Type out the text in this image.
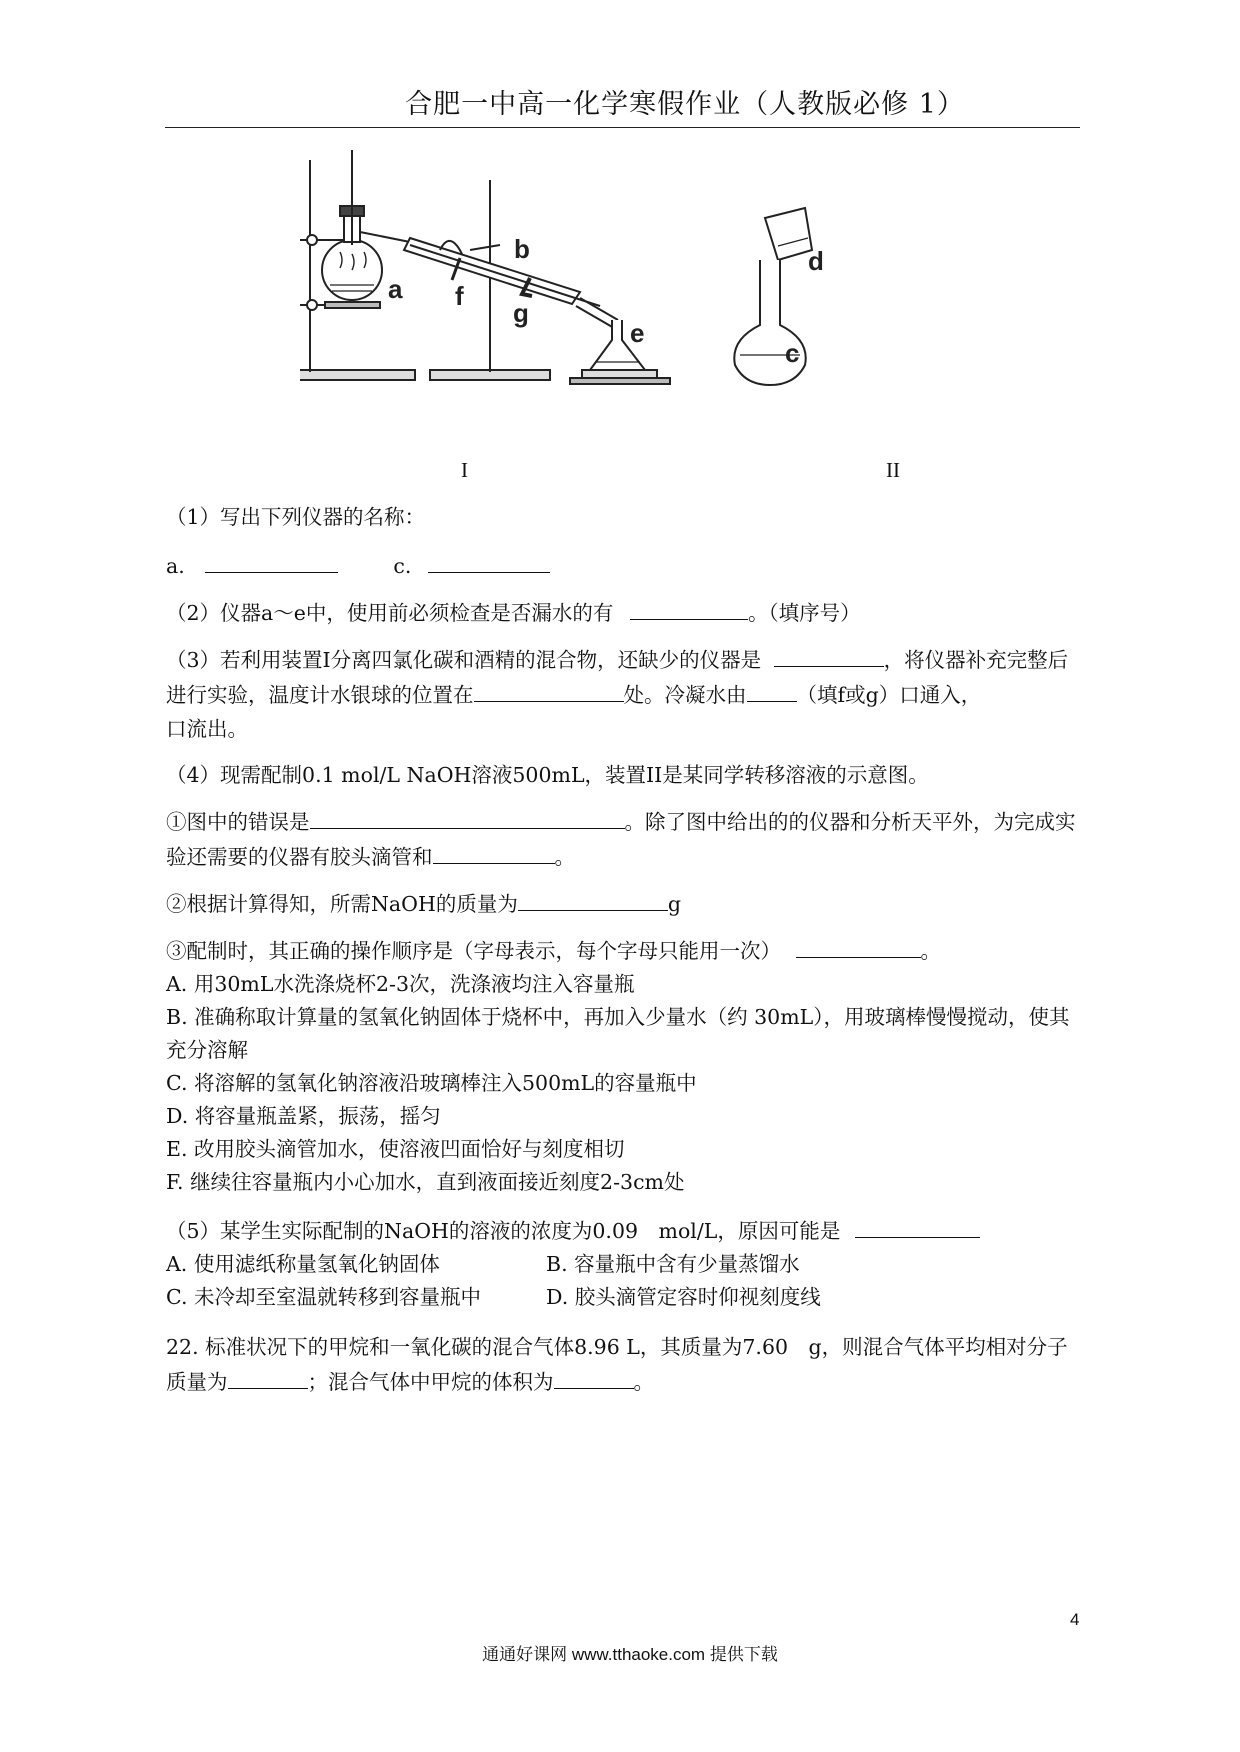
合肥一中高一化学寒假作业（人教版必修 1）
a
b
f
g
e
d
c
I	II

（1）写出下列仪器的名称：

a.	c.

（2）仪器a～e中，使用前必须检查是否漏水的有	。（填序号）

（3）若利用装置I分离四氯化碳和酒精的混合物，还缺少的仪器是	，将仪器补充完整后进行实验，温度计水银球的位置在	处。冷凝水由 （填f或g）口通入，
口流出。

（4）现需配制0.1 mol/L NaOH溶液500mL，装置II是某同学转移溶液的示意图。

①图中的错误是	。除了图中给出的的仪器和分析天平外，为完成实验还需要的仪器有胶头滴管和	。

②根据计算得知，所需NaOH的质量为	g

③配制时，其正确的操作顺序是（字母表示，每个字母只能用一次）	。

A. 用30mL水洗涤烧杯2-3次，洗涤液均注入容量瓶

B. 准确称取计算量的氢氧化钠固体于烧杯中，再加入少量水（约 30mL），用玻璃棒慢慢搅动，使其充分溶解

C. 将溶解的氢氧化钠溶液沿玻璃棒注入500mL的容量瓶中

D. 将容量瓶盖紧，振荡，摇匀

E. 改用胶头滴管加水，使溶液凹面恰好与刻度相切

F. 继续往容量瓶内小心加水，直到液面接近刻度2-3cm处

（5）某学生实际配制的NaOH的溶液的浓度为0.09　mol/L，原因可能是

A. 使用滤纸称量氢氧化钠固体	B. 容量瓶中含有少量蒸馏水
C. 未冷却至室温就转移到容量瓶中	D. 胶头滴管定容时仰视刻度线

22. 标准状况下的甲烷和一氧化碳的混合气体8.96 L，其质量为7.60　g，则混合气体平均相对分子质量为	；混合气体中甲烷的体积为	。

4
通通好课网 www.tthaoke.com 提供下载
